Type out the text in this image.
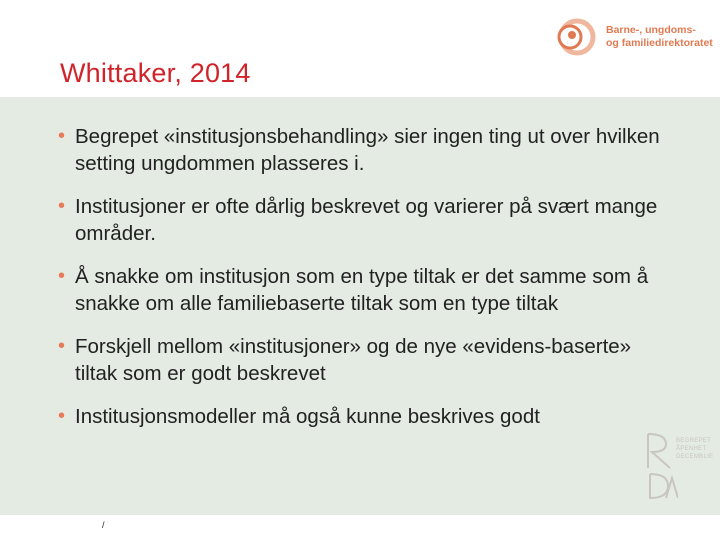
Whittaker, 2014
Barne-, ungdoms-
og familiedirektoratet
• Begrepet «institusjonsbehandling» sier ingen ting ut over hvilken setting ungdommen plasseres i.
• Institusjoner er ofte dårlig beskrevet og varierer på svært mange områder.
• Å snakke om institusjon som en type tiltak er det samme som å snakke om alle familiebaserte tiltak som en type tiltak
• Forskjell mellom «institusjoner» og de nye «evidens-baserte» tiltak som er godt beskrevet
• Institusjonsmodeller må også kunne beskrives godt
BEGREPET
ÅPENHET
DECEMBLIE
/
